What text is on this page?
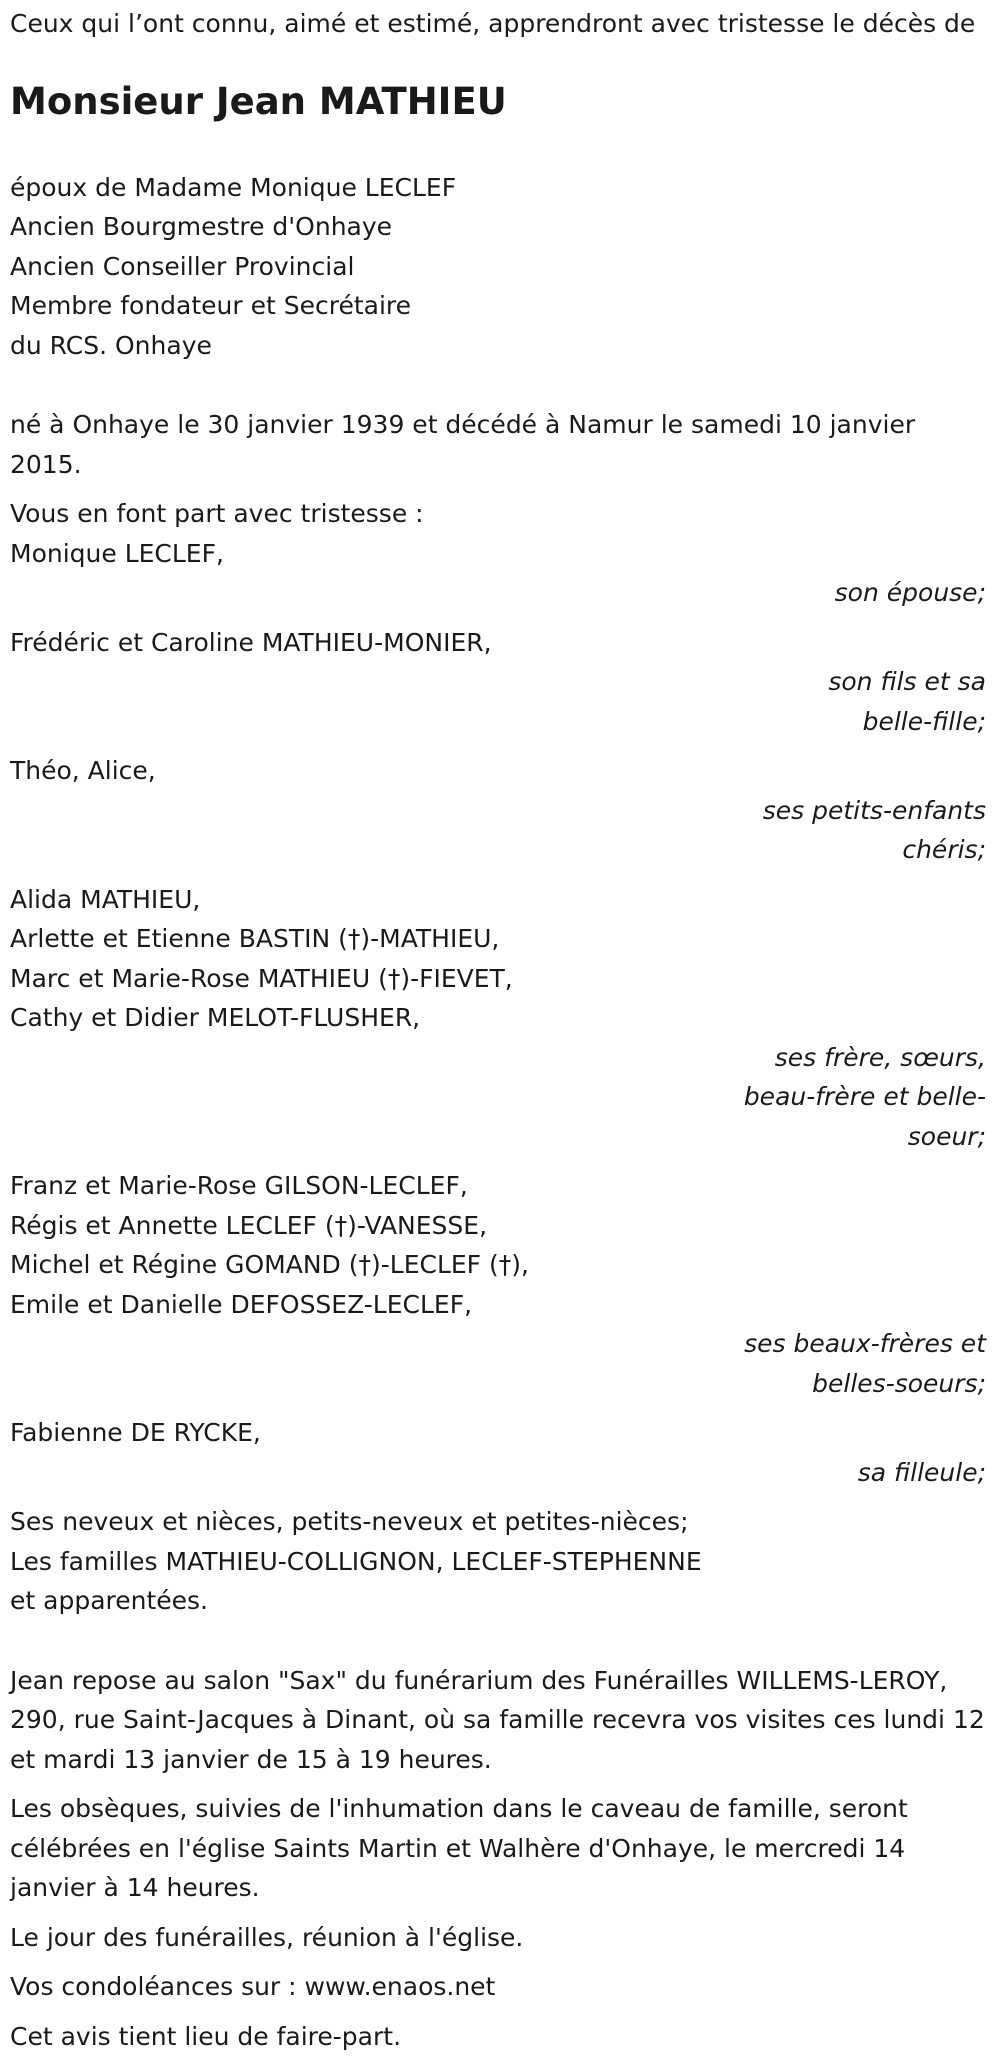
Ceux qui l’ont connu, aimé et estimé, apprendront avec tristesse le décès de

Monsieur Jean MATHIEU

époux de Madame Monique LECLEF

Ancien Bourgmestre d'Onhaye

Ancien Conseiller Provincial

Membre fondateur et Secrétaire

du RCS. Onhaye

né à Onhaye le 30 janvier 1939 et décédé à Namur le samedi 10 janvier 2015.

Vous en font part avec tristesse :

Monique LECLEF,

son épouse;

Frédéric et Caroline MATHIEU-MONIER,

son fils et sa belle-fille;

Théo, Alice,

ses petits-enfants chéris;

Alida MATHIEU,

Arlette et Etienne BASTIN (†)-MATHIEU,

Marc et Marie-Rose MATHIEU (†)-FIEVET,

Cathy et Didier MELOT-FLUSHER,

ses frère, sœurs, beau-frère et belle-soeur;

Franz et Marie-Rose GILSON-LECLEF,

Régis et Annette LECLEF (†)-VANESSE,

Michel et Régine GOMAND (†)-LECLEF (†),

Emile et Danielle DEFOSSEZ-LECLEF,

ses beaux-frères et belles-soeurs;

Fabienne DE RYCKE,

sa filleule;

Ses neveux et nièces, petits-neveux et petites-nièces;

Les familles MATHIEU-COLLIGNON, LECLEF-STEPHENNE

et apparentées.

Jean repose au salon "Sax" du funérarium des Funérailles WILLEMS-LEROY, 290, rue Saint-Jacques à Dinant, où sa famille recevra vos visites ces lundi 12 et mardi 13 janvier de 15 à 19 heures.

Les obsèques, suivies de l'inhumation dans le caveau de famille, seront célébrées en l'église Saints Martin et Walhère d'Onhaye, le mercredi 14 janvier à 14 heures.

Le jour des funérailles, réunion à l'église.

Vos condoléances sur : www.enaos.net

Cet avis tient lieu de faire-part.
